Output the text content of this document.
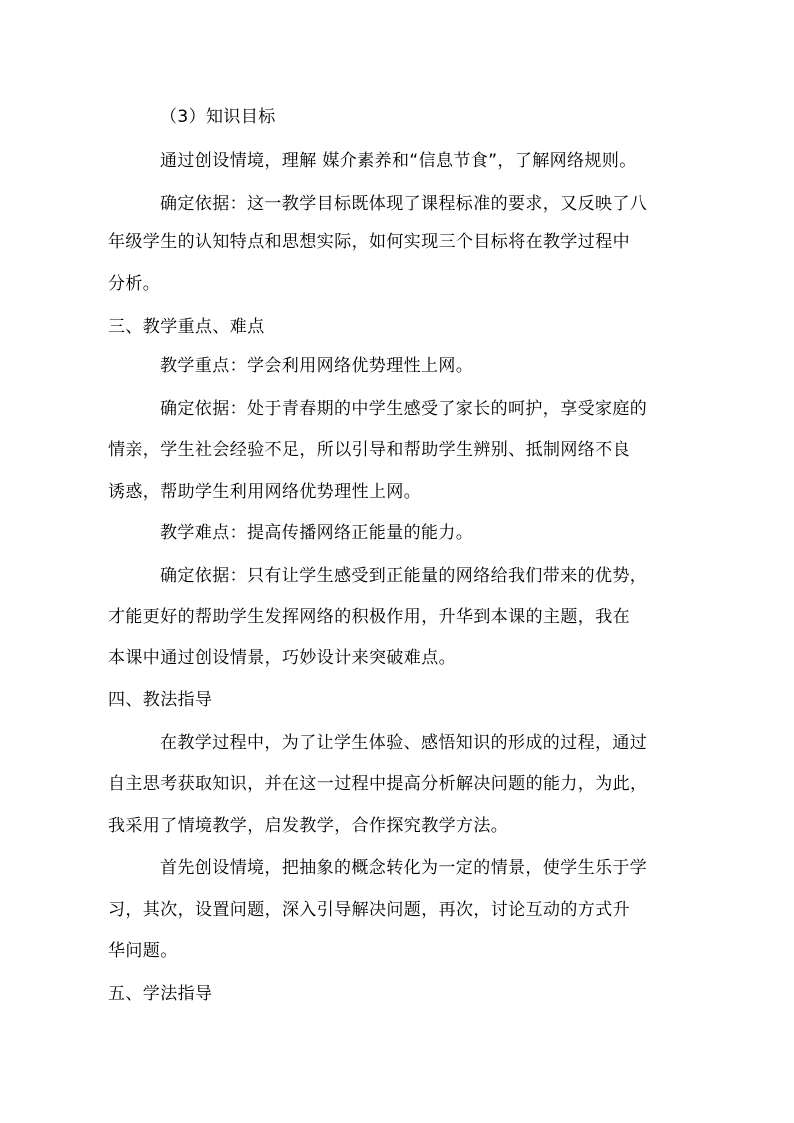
（3）知识目标
通过创设情境，理解 媒介素养和“信息节食”，了解网络规则。
确定依据：这一教学目标既体现了课程标准的要求，又反映了八
年级学生的认知特点和思想实际，如何实现三个目标将在教学过程中
分析。
三、教学重点、难点
教学重点：学会利用网络优势理性上网。
确定依据：处于青春期的中学生感受了家长的呵护，享受家庭的
情亲，学生社会经验不足，所以引导和帮助学生辨别、抵制网络不良
诱惑，帮助学生利用网络优势理性上网。
教学难点：提高传播网络正能量的能力。
确定依据：只有让学生感受到正能量的网络给我们带来的优势，
才能更好的帮助学生发挥网络的积极作用，升华到本课的主题，我在
本课中通过创设情景，巧妙设计来突破难点。
四、教法指导
在教学过程中，为了让学生体验、感悟知识的形成的过程，通过
自主思考获取知识，并在这一过程中提高分析解决问题的能力，为此，
我采用了情境教学，启发教学，合作探究教学方法。
首先创设情境，把抽象的概念转化为一定的情景，使学生乐于学
习，其次，设置问题，深入引导解决问题，再次，讨论互动的方式升
华问题。
五、学法指导
